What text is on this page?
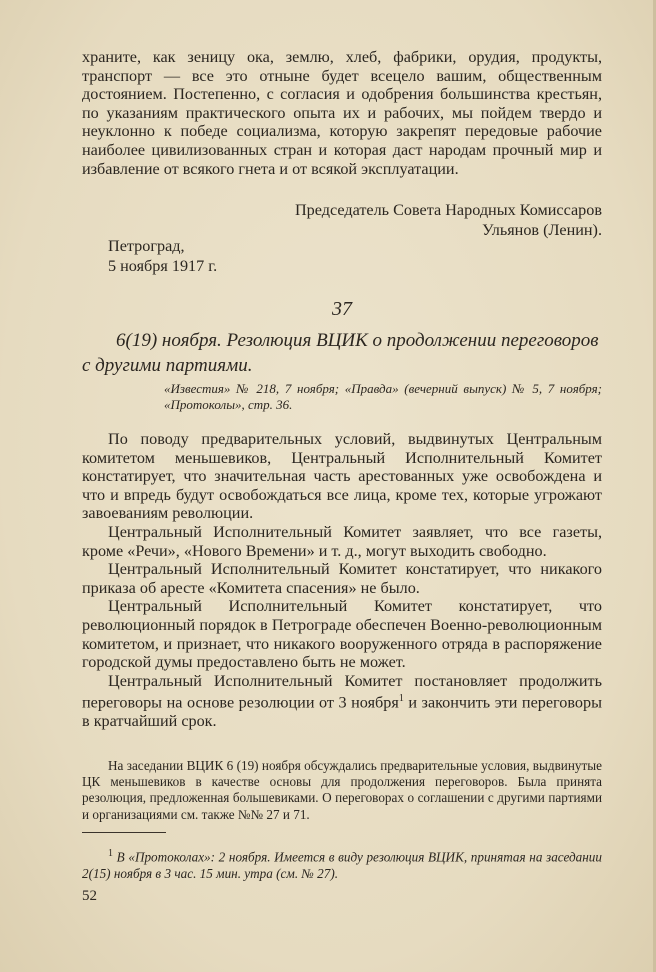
храните, как зеницу ока, землю, хлеб, фабрики, орудия, продукты, транспорт — все это отныне будет всецело вашим, общественным достоянием. Постепенно, с согласия и одобрения большинства крестьян, по указаниям практического опыта их и рабочих, мы пойдем твердо и неуклонно к победе социализма, которую закрепят передовые рабочие наиболее цивилизованных стран и которая даст народам прочный мир и избавление от всякого гнета и от всякой эксплуатации.

Председатель Совета Народных Комиссаров

Ульянов (Ленин).

Петроград,

5 ноября 1917 г.

37
6(19) ноября. Резолюция ВЦИК о продолжении переговоров с другими партиями.
«Известия» № 218, 7 ноября; «Правда» (вечерний выпуск) № 5, 7 ноября; «Протоколы», стр. 36.

По поводу предварительных условий, выдвинутых Центральным комитетом меньшевиков, Центральный Исполнительный Комитет констатирует, что значительная часть арестованных уже освобождена и что и впредь будут освобождаться все лица, кроме тех, которые угрожают завоеваниям революции.

Центральный Исполнительный Комитет заявляет, что все газеты, кроме «Речи», «Нового Времени» и т. д., могут выходить свободно.

Центральный Исполнительный Комитет констатирует, что никакого приказа об аресте «Комитета спасения» не было.

Центральный Исполнительный Комитет констатирует, что революционный порядок в Петрограде обеспечен Военно-революционным комитетом, и признает, что никакого вооруженного отряда в распоряжение городской думы предоставлено быть не может.

Центральный Исполнительный Комитет постановляет продолжить переговоры на основе резолюции от 3 ноября$^1$ и закончить эти переговоры в кратчайший срок.

На заседании ВЦИК 6 (19) ноября обсуждались предварительные условия, выдвинутые ЦК меньшевиков в качестве основы для продолжения переговоров. Была принята резолюция, предложенная большевиками. О переговорах о соглашении с другими партиями и организациями см. также №№ 27 и 71.
$^1$ В «Протоколах»: 2 ноября. Имеется в виду резолюция ВЦИК, принятая на заседании 2(15) ноября в 3 час. 15 мин. утра (см. № 27).
52
